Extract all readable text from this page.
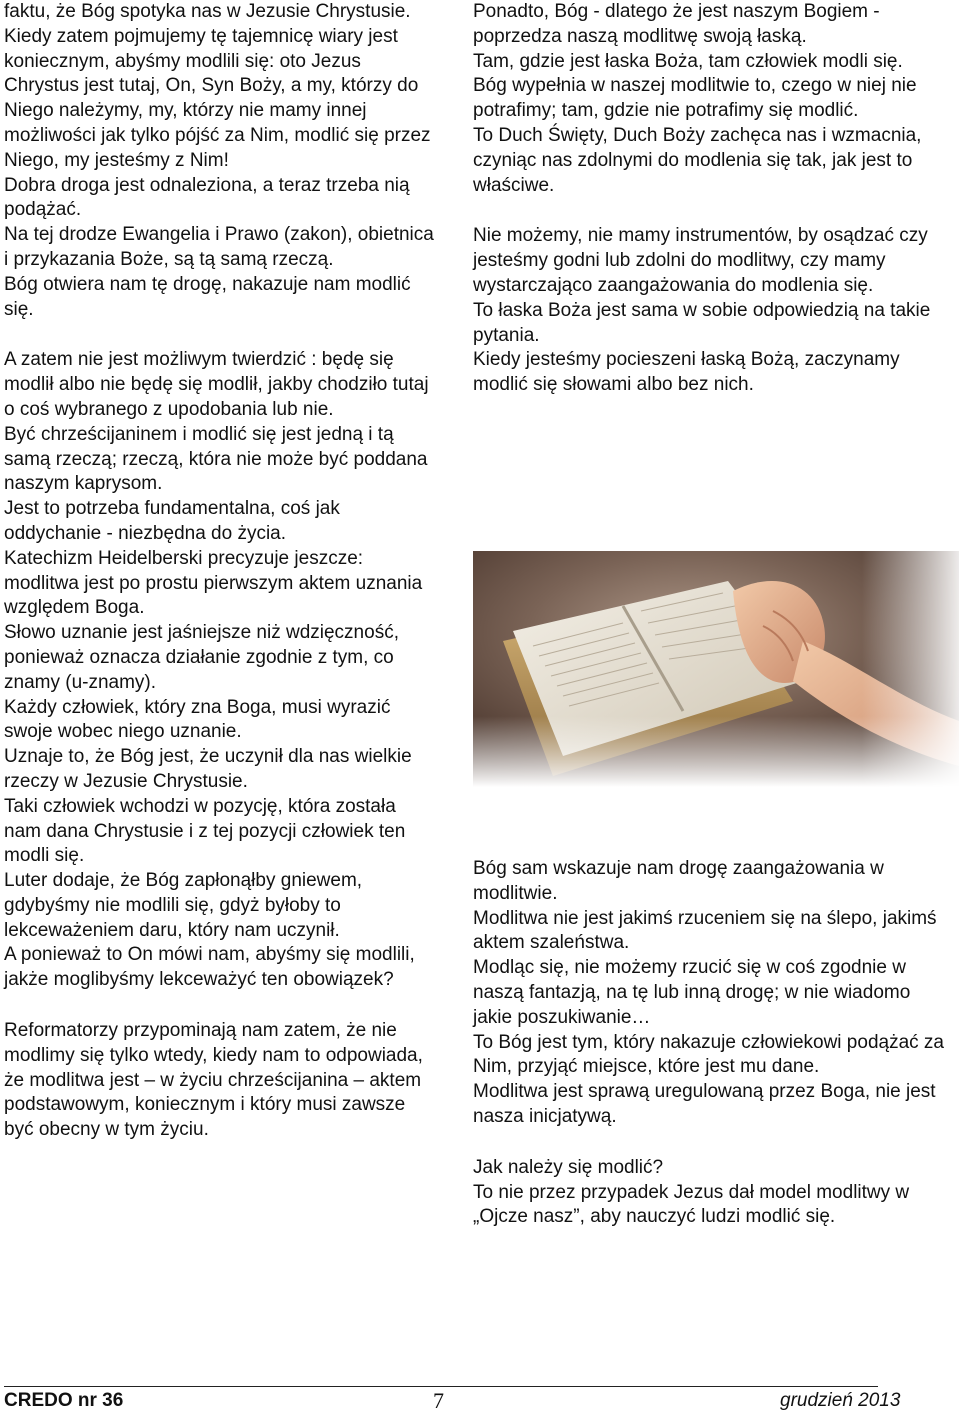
faktu, że Bóg spotyka nas w Jezusie Chrystusie.

Kiedy zatem pojmujemy tę tajemnicę wiary jest koniecznym, abyśmy modlili się: oto Jezus Chrystus jest tutaj, On, Syn Boży, a my, którzy do Niego należymy, my, którzy nie mamy innej możliwości jak tylko pójść za Nim, modlić się przez Niego, my jesteśmy z Nim!

Dobra droga jest odnaleziona, a teraz trzeba nią podążać.

Na tej drodze Ewangelia i Prawo (zakon), obietnica i przykazania Boże, są tą samą rzeczą.

Bóg otwiera nam tę drogę, nakazuje nam modlić się.

A zatem nie jest możliwym twierdzić : będę się modlił albo nie będę się modlił, jakby chodziło tutaj o coś wybranego z upodobania lub nie.

Być chrześcijaninem i modlić się jest jedną i tą samą rzeczą; rzeczą, która nie może być poddana naszym kaprysom.

Jest to potrzeba fundamentalna, coś jak oddychanie - niezbędna do życia.

Katechizm Heidelberski precyzuje jeszcze: modlitwa jest po prostu pierwszym aktem uznania względem Boga.

Słowo uznanie jest jaśniejsze niż wdzięczność, ponieważ oznacza działanie zgodnie z tym, co znamy (u-znamy).

Każdy człowiek, który zna Boga, musi wyrazić swoje wobec niego uznanie.

Uznaje to, że Bóg jest, że uczynił dla nas wielkie rzeczy w Jezusie Chrystusie.

Taki człowiek wchodzi w pozycję, która została nam dana Chrystusie i z tej pozycji człowiek ten modli się.

Luter dodaje, że Bóg zapłonąłby gniewem, gdybyśmy nie modlili się, gdyż byłoby to lekceważeniem daru, który nam uczynił.

A ponieważ to On mówi nam, abyśmy się modlili, jakże moglibyśmy lekceważyć ten obowiązek?

Reformatorzy przypominają nam zatem, że nie modlimy się tylko wtedy, kiedy nam to odpowiada, że modlitwa jest – w życiu chrześcijanina – aktem podstawowym, koniecznym i który musi zawsze być obecny w tym życiu.

Ponadto, Bóg - dlatego że jest naszym Bogiem - poprzedza naszą modlitwę swoją łaską.

Tam, gdzie jest łaska Boża, tam człowiek modli się.

Bóg wypełnia w naszej modlitwie to, czego w niej nie potrafimy; tam, gdzie nie potrafimy się modlić.

To Duch Święty, Duch Boży zachęca nas i wzmacnia, czyniąc nas zdolnymi do modlenia się tak, jak jest to właściwe.

Nie możemy, nie mamy instrumentów, by osądzać czy jesteśmy godni lub zdolni do modlitwy, czy mamy wystarczająco zaangażowania do modlenia się.

To łaska Boża jest sama w sobie odpowiedzią na takie pytania.

Kiedy jesteśmy pocieszeni łaską Bożą, zaczynamy modlić się słowami albo bez nich.

Bóg sam wskazuje nam drogę zaangażowania w modlitwie.

Modlitwa nie jest jakimś rzuceniem się na ślepo, jakimś aktem szaleństwa.

Modląc się, nie możemy rzucić się w coś zgodnie w naszą fantazją, na tę lub inną drogę; w nie wiadomo jakie poszukiwanie…

To Bóg jest tym, który nakazuje człowiekowi podążać za Nim, przyjąć miejsce, które jest mu dane.

Modlitwa jest sprawą uregulowaną przez Boga, nie jest nasza inicjatywą.

Jak należy się modlić?

To nie przez przypadek Jezus dał model modlitwy w „Ojcze nasz”, aby nauczyć ludzi modlić się.

CREDO nr 36	7	grudzień 2013
